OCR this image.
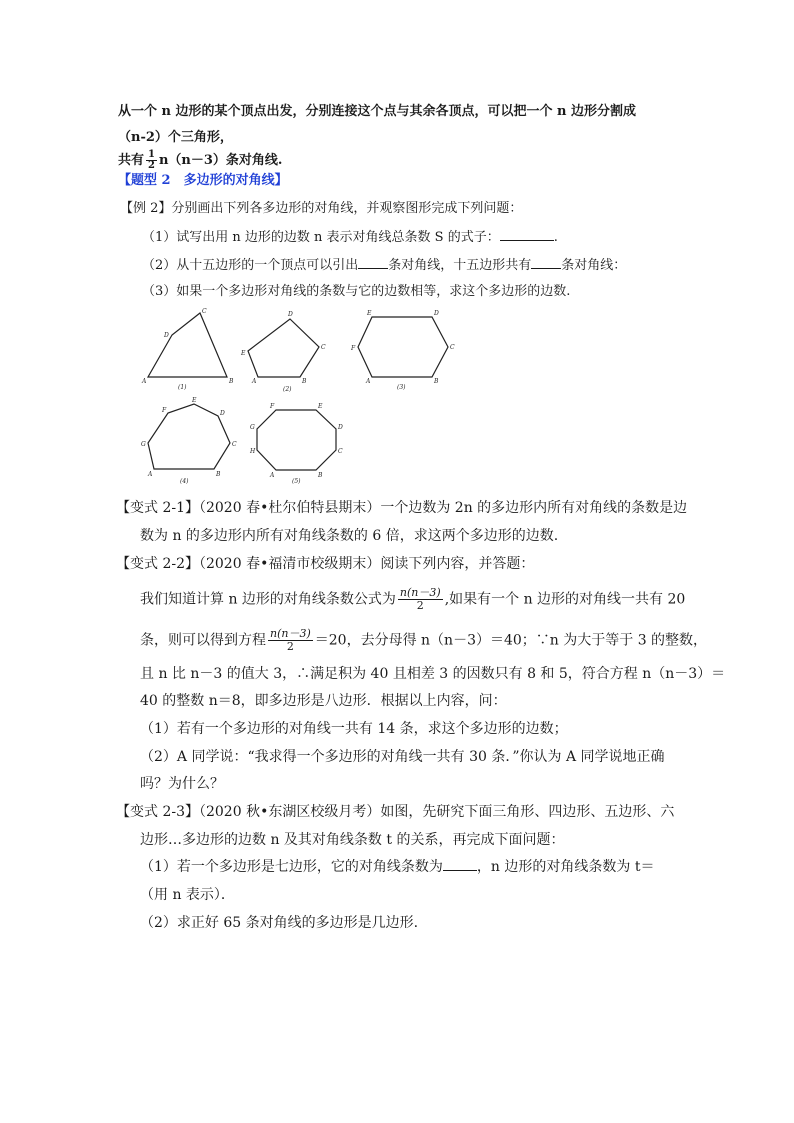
从一个 n 边形的某个顶点出发，分别连接这个点与其余各顶点，可以把一个 n 边形分割成
（n-2）个三角形，
共有 $\frac{1}{2} n(n-3)$条对角线.
【题型 2　多边形的对角线】
【例 2】分别画出下列各多边形的对角线，并观察图形完成下列问题：
（1）试写出用 n 边形的边数 n 表示对角线总条数 S 的式子：	.
（2）从十五边形的一个顶点可以引出 条对角线，十五边形共有 条对角线：
（3）如果一个多边形对角线的条数与它的边数相等，求这个多边形的边数.
A	B
C
D
A	B
C
D
E
A	B
C
D
E
F
A	B
C
D
E
F
G
A	B
C
D
E
F
G
H
(1)	(2)	(3)
(4)	(5)
【变式 2-1】（2020 春•杜尔伯特县期末）一个边数为 2n 的多边形内所有对角线的条数是边
数为 n 的多边形内所有对角线条数的 6 倍，求这两个多边形的边数.
【变式 2-2】（2020 春•福清市校级期末）阅读下列内容，并答题：
我们知道计算 n 边形的对角线条数公式为 $\frac{n(n-3)}{2}$ ,如果有一个 n 边形的对角线一共有 20
条，则可以得到方程 $\frac{n(n-3)}{2} =20$，去分母得 n（n－3）＝40；∵n 为大于等于 3 的整数，
且 n 比 n－3 的值大 3，∴满足积为 40 且相差 3 的因数只有 8 和 5，符合方程 n（n－3）＝
40 的整数 n＝8，即多边形是八边形．根据以上内容，问：
（1）若有一个多边形的对角线一共有 14 条，求这个多边形的边数；
（2）A 同学说：“我求得一个多边形的对角线一共有 30 条．”你认为 A 同学说地正确
吗？为什么？
【变式 2-3】（2020 秋•东湖区校级月考）如图，先研究下面三角形、四边形、五边形、六
边形…多边形的边数 n 及其对角线条数 t 的关系，再完成下面问题：
（1）若一个多边形是七边形，它的对角线条数为 ，n 边形的对角线条数为 t＝
（用 n 表示）．
（2）求正好 65 条对角线的多边形是几边形.
